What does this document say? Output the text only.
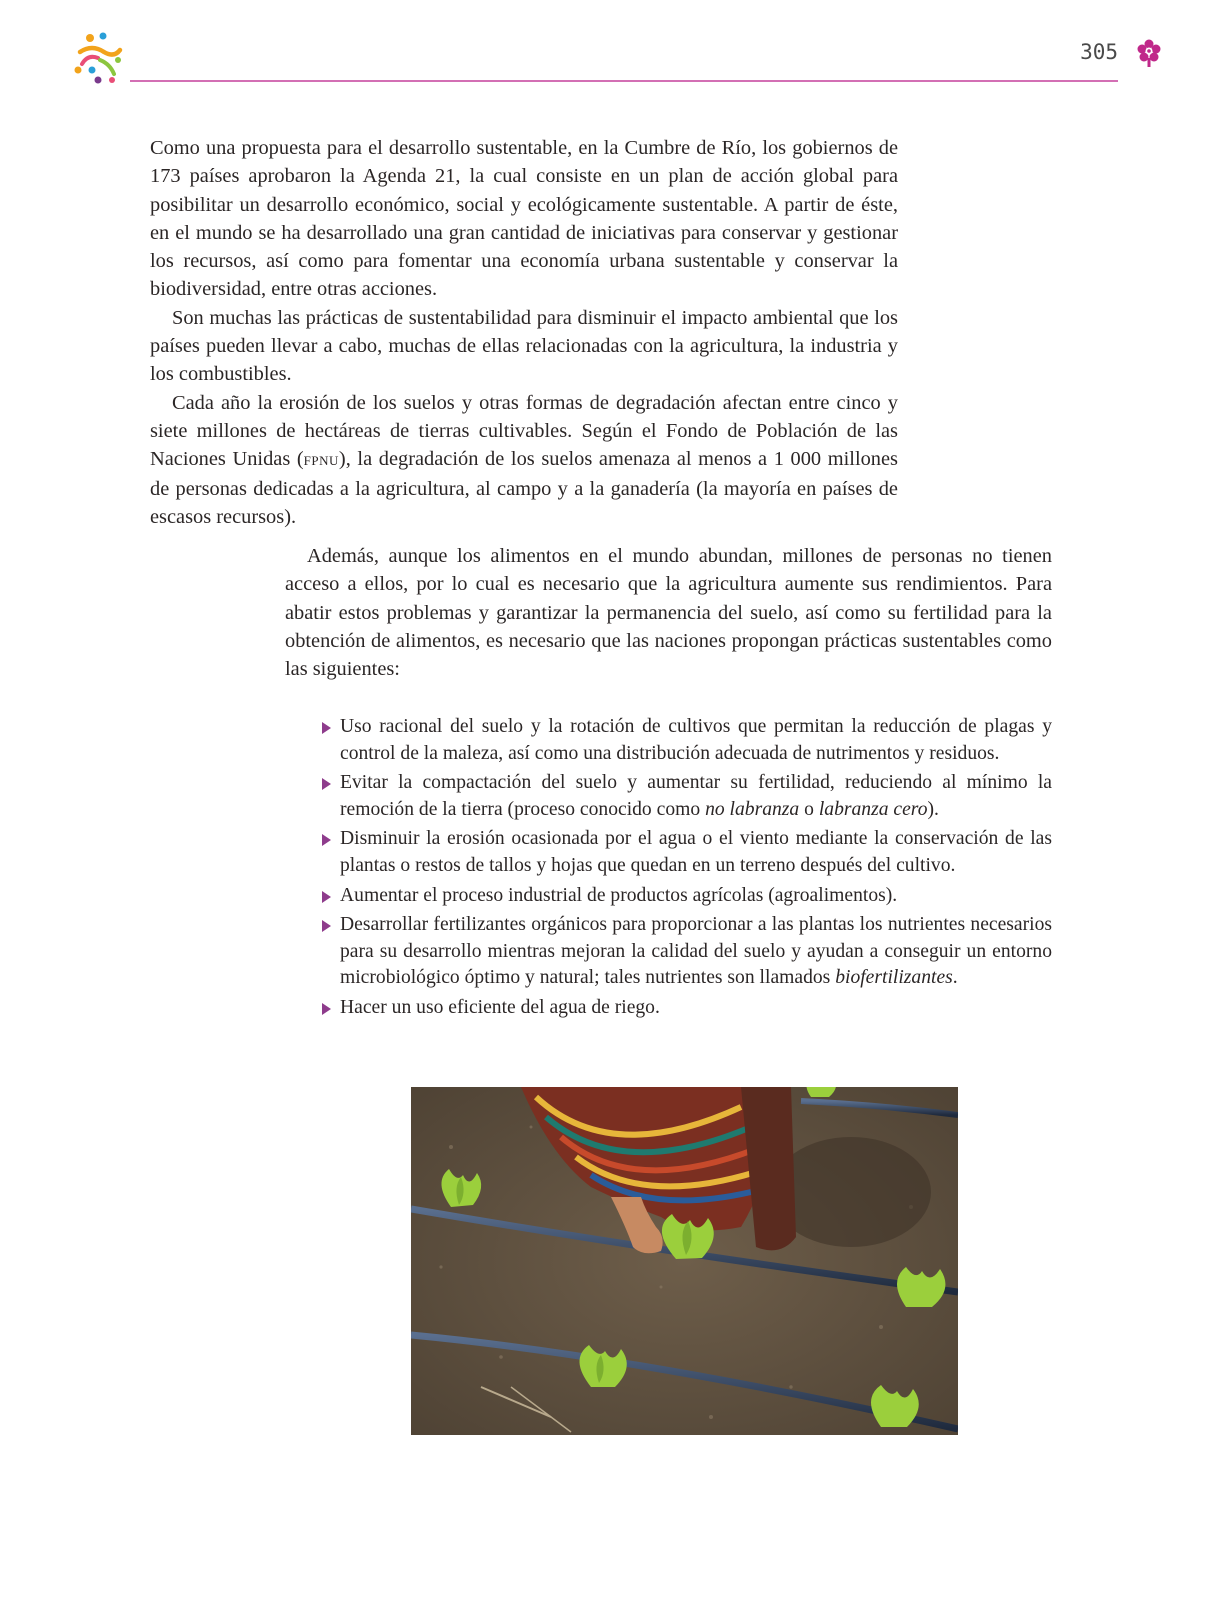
305

Como una propuesta para el desarrollo sustentable, en la Cumbre de Río, los gobiernos de 173 países aprobaron la Agenda 21, la cual consiste en un plan de acción global para posibilitar un desarrollo económico, social y ecológicamente sustentable. A partir de éste, en el mundo se ha desarrollado una gran cantidad de iniciativas para conservar y gestionar los recursos, así como para fomentar una economía urbana sustentable y conservar la biodiversidad, entre otras acciones.

Son muchas las prácticas de sustentabilidad para disminuir el impacto ambiental que los países pueden llevar a cabo, muchas de ellas relacionadas con la agricultura, la industria y los combustibles.

Cada año la erosión de los suelos y otras formas de degradación afectan entre cinco y siete millones de hectáreas de tierras cultivables. Según el Fondo de Población de las Naciones Unidas (fpnu), la degradación de los suelos amenaza al menos a 1 000 millones de personas dedicadas a la agricultura, al campo y a la ganadería (la mayoría en países de escasos recursos).

Además, aunque los alimentos en el mundo abundan, millones de personas no tienen acceso a ellos, por lo cual es necesario que la agricultura aumente sus rendimientos. Para abatir estos problemas y garantizar la permanencia del suelo, así como su fertilidad para la obtención de alimentos, es necesario que las naciones propongan prácticas sustentables como las siguientes:

Uso racional del suelo y la rotación de cultivos que permitan la reducción de plagas y control de la maleza, así como una distribución adecuada de nutrimentos y residuos.
Evitar la compactación del suelo y aumentar su fertilidad, reduciendo al mínimo la remoción de la tierra (proceso conocido como no labranza o labranza cero).
Disminuir la erosión ocasionada por el agua o el viento mediante la conservación de las plantas o restos de tallos y hojas que quedan en un terreno después del cultivo.
Aumentar el proceso industrial de productos agrícolas (agroalimentos).
Desarrollar fertilizantes orgánicos para proporcionar a las plantas los nutrientes necesarios para su desarrollo mientras mejoran la calidad del suelo y ayudan a conseguir un entorno microbiológico óptimo y natural; tales nutrientes son llamados biofertilizantes.
Hacer un uso eficiente del agua de riego.
